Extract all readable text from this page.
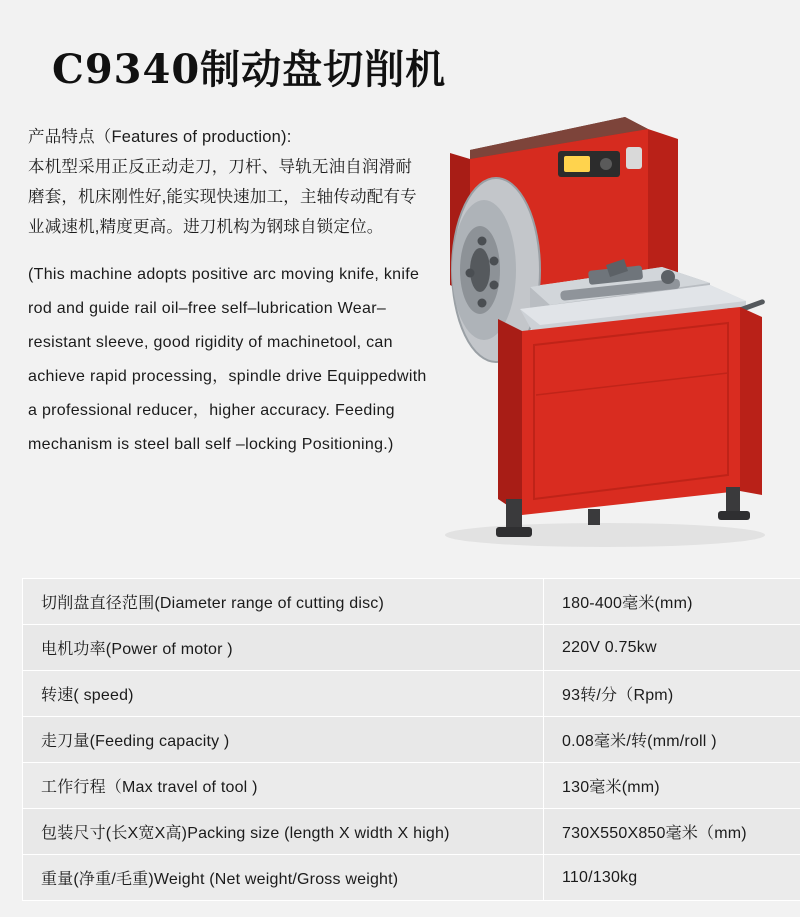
C9340制动盘切削机
产品特点（Features of production):
本机型采用正反正动走刀，刀杆、导轨无油自润滑耐磨套，机床刚性好,能实现快速加工，主轴传动配有专业减速机,精度更高。进刀机构为钢球自锁定位。
(This machine adopts positive arc moving knife, knife rod and guide rail oil–free self–lubrication Wear–resistant sleeve, good rigidity of machinetool, can achieve rapid processing，spindle drive Equippedwith a professional reducer，higher accuracy. Feeding mechanism is steel ball self –locking Positioning.)
切削盘直径范围(Diameter range of cutting disc)	180-400毫米(mm)
电机功率(Power of motor )	220V 0.75kw
转速( speed)	93转/分（Rpm)
走刀量(Feeding capacity )	0.08毫米/转(mm/roll )
工作行程（Max travel of tool )	130毫米(mm)
包装尺寸(长X宽X高)Packing size (length X width X high)	730X550X850毫米（mm)
重量(净重/毛重)Weight (Net weight/Gross weight)	110/130kg
